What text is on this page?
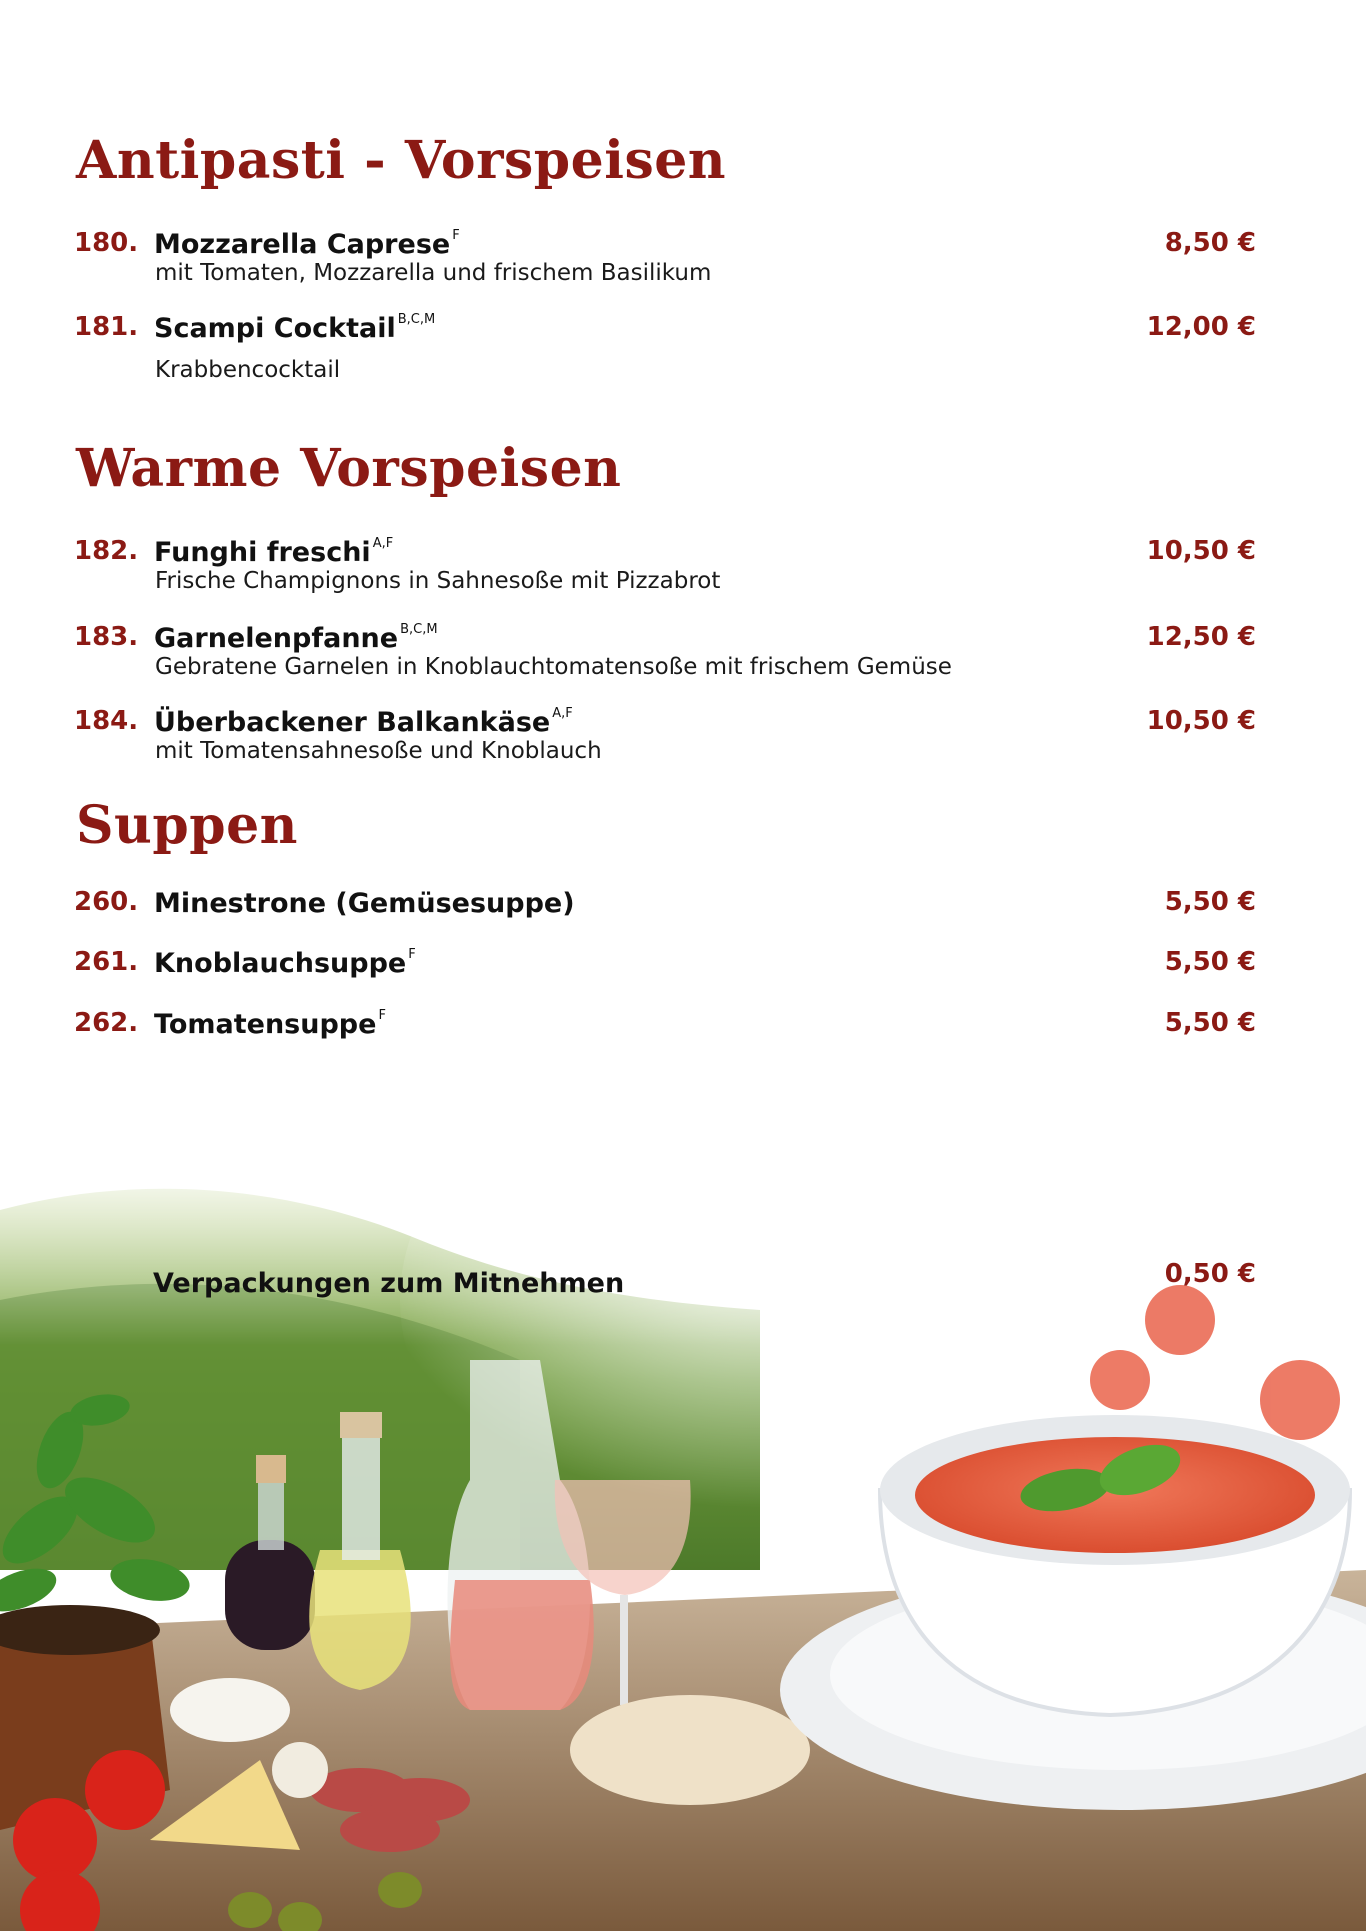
Antipasti - Vorspeisen
180. Mozzarella Caprese $^F$	8,50 €
mit Tomaten, Mozzarella und frischem Basilikum
181. Scampi Cocktail $^{B,C,M}$	12,00 €
Krabbencocktail
Warme Vorspeisen
182. Funghi freschi $^{A,F}$	10,50 €
Frische Champignons in Sahnesoße mit Pizzabrot
183. Garnelenpfanne $^{B,C,M}$	12,50 €
Gebratene Garnelen in Knoblauchtomatensoße mit frischem Gemüse
184. Überbackener Balkankäse $^{A,F}$	10,50 €
mit Tomatensahnesoße und Knoblauch
Suppen
260. Minestrone (Gemüsesuppe)	5,50 €
261. Knoblauchsuppe $^F$	5,50 €
262. Tomatensuppe $^F$	5,50 €
Verpackungen zum Mitnehmen	0,50 €
